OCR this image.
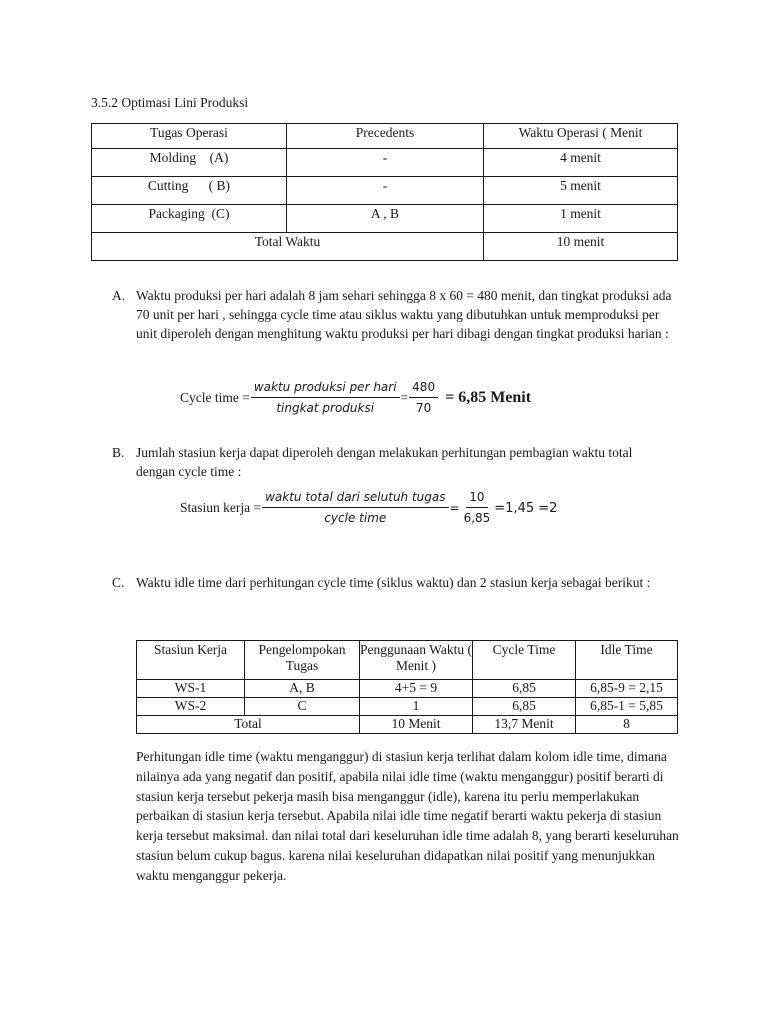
3.5.2 Optimasi Lini Produksi
Tugas Operasi	Precedents	Waktu Operasi ( Menit
Molding    (A)	-	4 menit
Cutting      ( B)	-	5 menit
Packaging  (C)	A , B	1 menit
Total Waktu		10 menit
A. Waktu produksi per hari adalah 8 jam sehari sehingga 8 x 60 = 480 menit, dan tingkat produksi ada 70 unit per hari , sehingga cycle time atau siklus waktu yang dibutuhkan untuk memproduksi per unit diperoleh dengan menghitung waktu produksi per hari dibagi dengan tingkat produksi harian :
Cycle time = $\frac{\text{waktu produksi per hari}}{\text{tingkat produksi}} = \frac{480}{70} = 6,85$ Menit
B. Jumlah stasiun kerja dapat diperoleh dengan melakukan perhitungan pembagian waktu total dengan cycle time :
Stasiun kerja = $\frac{\text{waktu total dari selutuh tugas}}{\text{cycle time}} = \frac{10}{6,85} =1,45 =2$
C. Waktu idle time dari perhitungan cycle time (siklus waktu) dan 2 stasiun kerja sebagai berikut :
Stasiun Kerja	Pengelompokan Tugas	Penggunaan Waktu ( Menit )	Cycle Time	Idle Time
WS-1	A, B	4+5 = 9	6,85	6,85-9 = 2,15
WS-2	C	1	6,85	6,85-1 = 5,85
Total		10 Menit	13,7 Menit	8
Perhitungan idle time (waktu menganggur) di stasiun kerja terlihat dalam kolom idle time, dimana nilainya ada yang negatif dan positif, apabila nilai idle time (waktu menganggur) positif berarti di stasiun kerja tersebut pekerja masih bisa menganggur (idle), karena itu perlu memperlakukan perbaikan di stasiun kerja tersebut. Apabila nilai idle time negatif berarti waktu pekerja di stasiun kerja tersebut maksimal. dan nilai total dari keseluruhan idle time adalah 8, yang berarti keseluruhan stasiun belum cukup bagus. karena nilai keseluruhan didapatkan nilai positif yang menunjukkan waktu menganggur pekerja.
